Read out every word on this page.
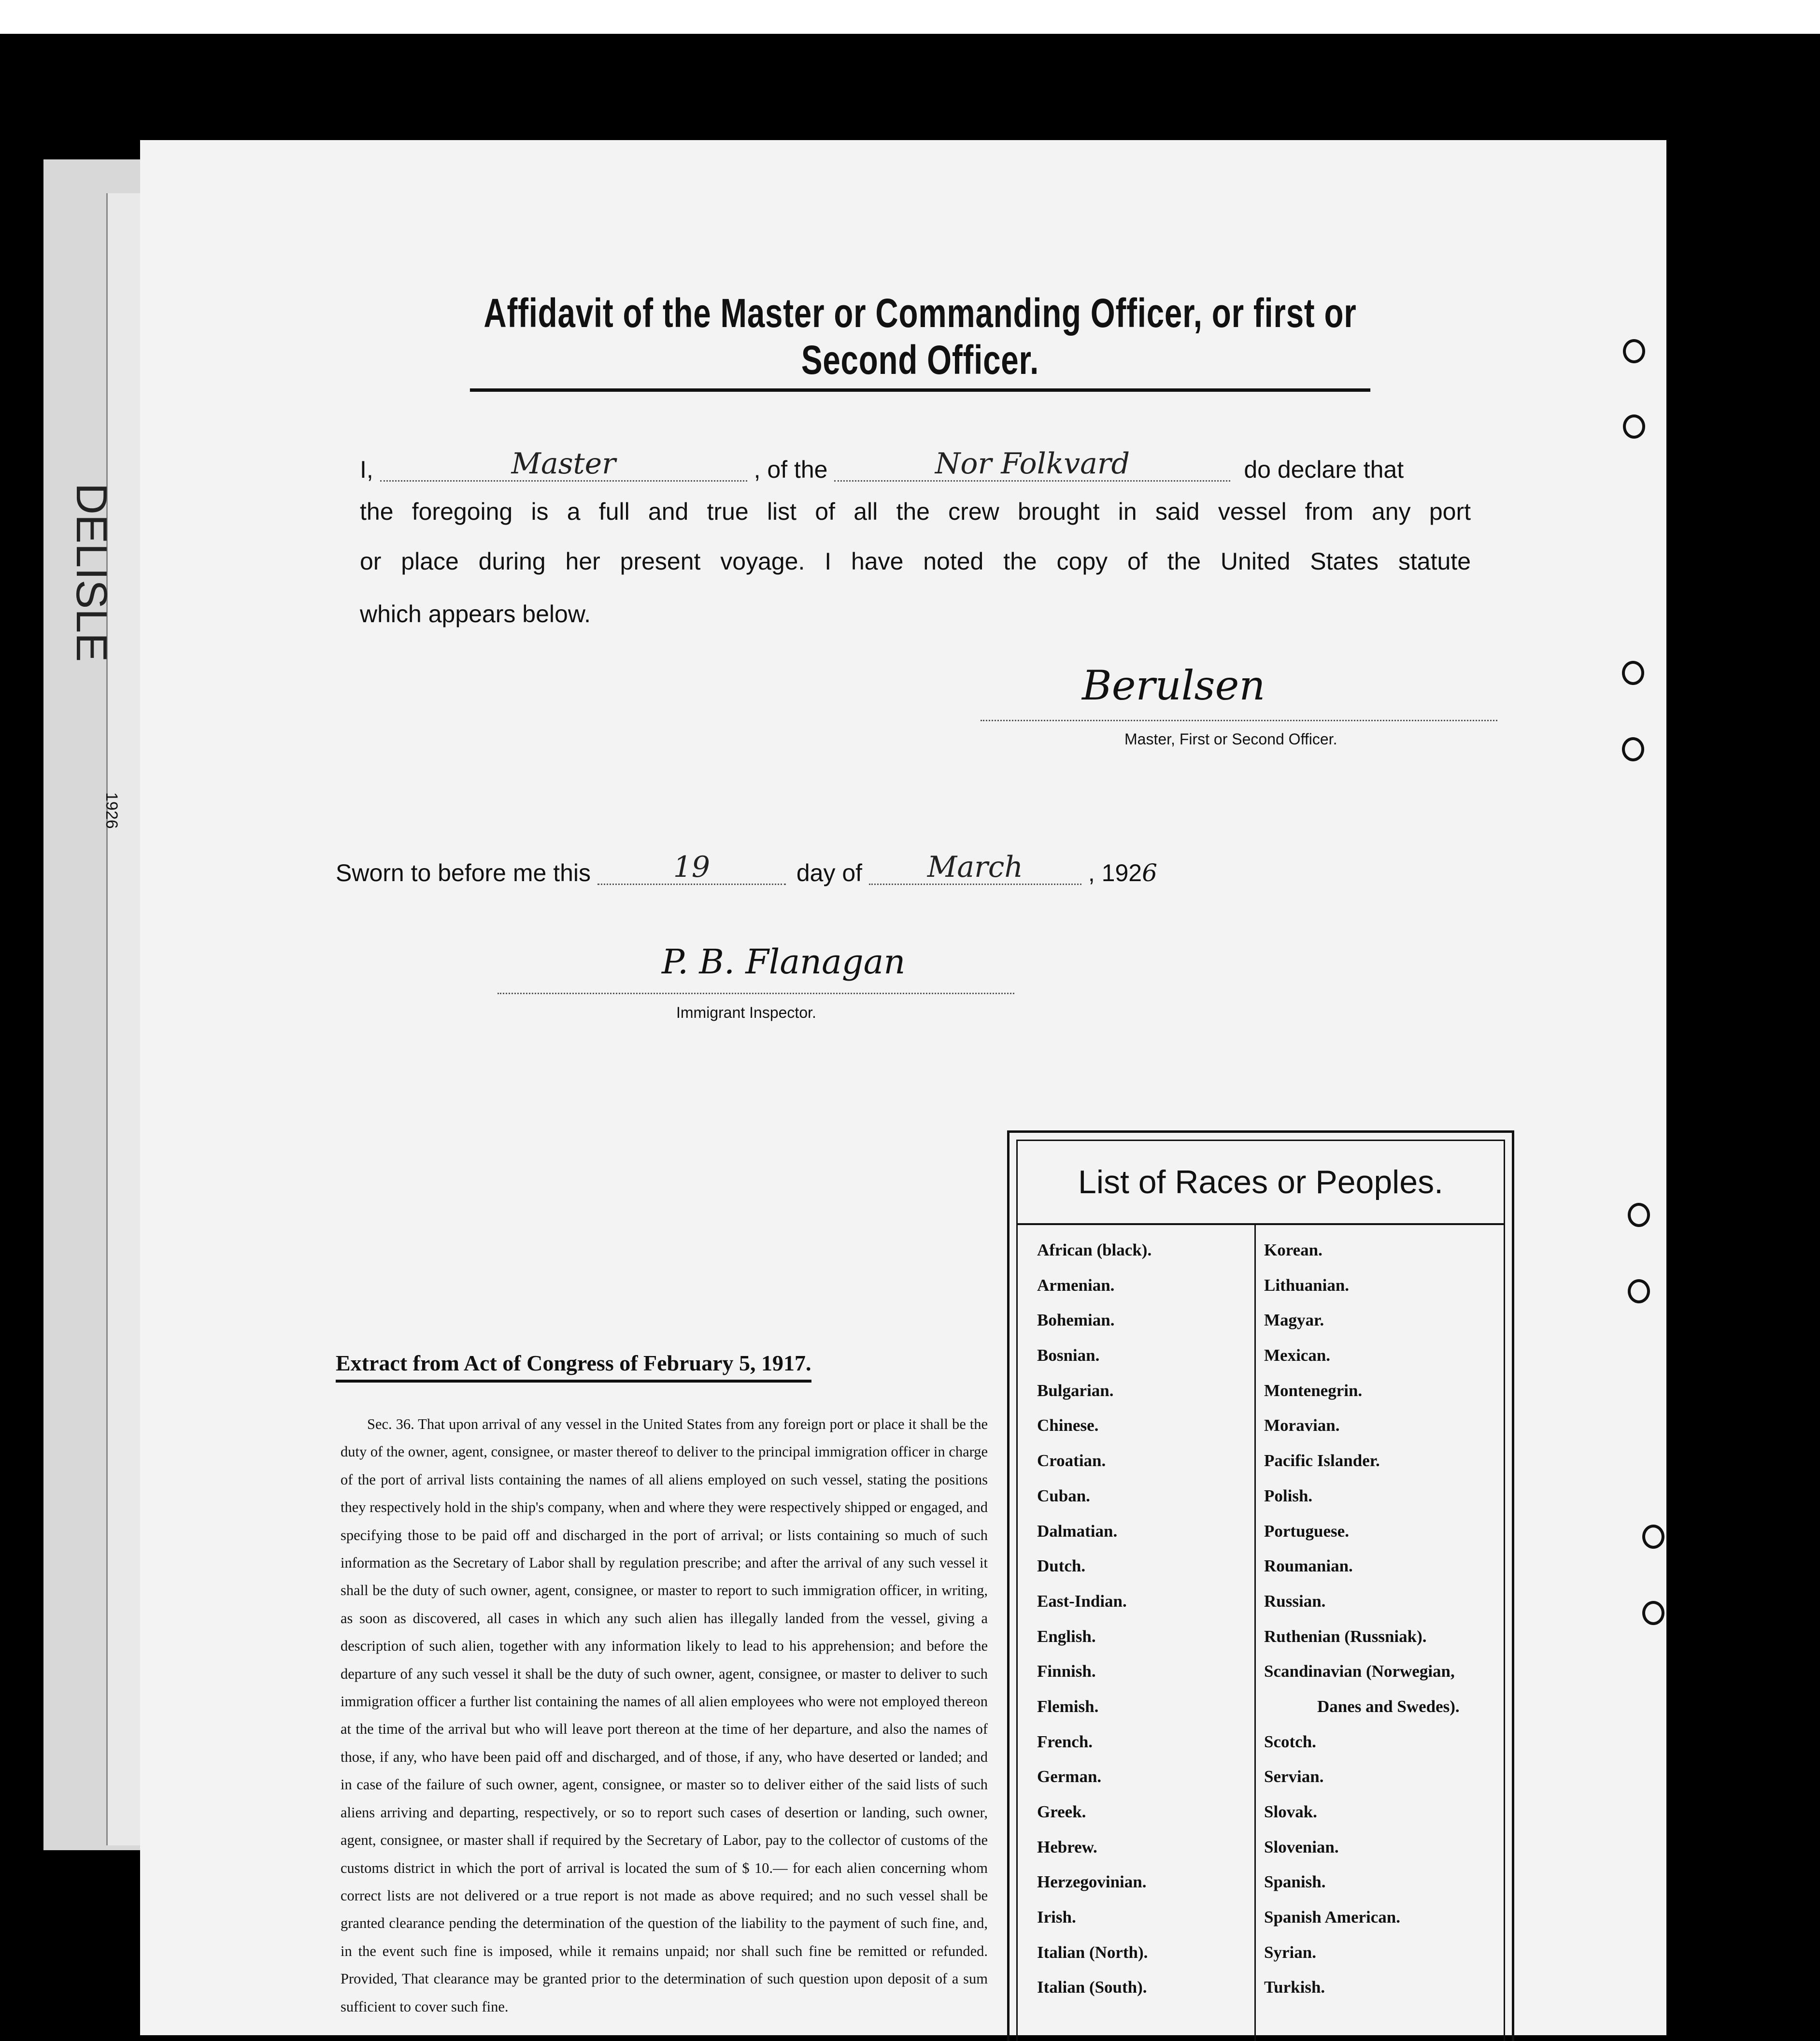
1926
Affidavit of the Master or Commanding Officer, or first or Second Officer.
I,	Master	, of the	Nor Folkvard	do declare that
the foregoing is a full and true list of all the crew brought in said vessel from any port
or place during her present voyage. I have noted the copy of the United States statute
which appears below.
Berulsen
Master, First or Second Officer.
Sworn to before me this	19	day of March	, 1926
P. B. Flanagan
Immigrant Inspector.
Extract from Act of Congress of February 5, 1917.
Sec. 36. That upon arrival of any vessel in the United States from any foreign port or place it shall be the duty of the owner, agent, consignee, or master thereof to deliver to the principal immigration officer in charge of the port of arrival lists containing the names of all aliens employed on such vessel, stating the positions they respectively hold in the ship's company, when and where they were respectively shipped or engaged, and specifying those to be paid off and discharged in the port of arrival; or lists containing so much of such information as the Secretary of Labor shall by regulation prescribe; and after the arrival of any such vessel it shall be the duty of such owner, agent, consignee, or master to report to such immigration officer, in writing, as soon as discovered, all cases in which any such alien has illegally landed from the vessel, giving a description of such alien, together with any information likely to lead to his apprehension; and before the departure of any such vessel it shall be the duty of such owner, agent, consignee, or master to deliver to such immigration officer a further list containing the names of all alien employees who were not employed thereon at the time of the arrival but who will leave port thereon at the time of her departure, and also the names of those, if any, who have been paid off and discharged, and of those, if any, who have deserted or landed; and in case of the failure of such owner, agent, consignee, or master so to deliver either of the said lists of such aliens arriving and departing, respectively, or so to report such cases of desertion or landing, such owner, agent, consignee, or master shall if required by the Secretary of Labor, pay to the collector of customs of the customs district in which the port of arrival is located the sum of $ 10.— for each alien concerning whom correct lists are not delivered or a true report is not made as above required; and no such vessel shall be granted clearance pending the determination of the question of the liability to the payment of such fine, and, in the event such fine is imposed, while it remains unpaid; nor shall such fine be remitted or refunded. Provided, That clearance may be granted prior to the determination of such question upon deposit of a sum sufficient to cover such fine.
List of Races or Peoples.
African (black).
Armenian.
Bohemian.
Bosnian.
Bulgarian.
Chinese.
Croatian.
Cuban.
Dalmatian.
Dutch.
East-Indian.
English.
Finnish.
Flemish.
French.
German.
Greek.
Hebrew.
Herzegovinian.
Irish.
Italian (North).
Italian (South).
Korean.
Lithuanian.
Magyar.
Mexican.
Montenegrin.
Moravian.
Pacific Islander.
Polish.
Portuguese.
Roumanian.
Russian.
Ruthenian (Russniak).
Scandinavian (Norwegian,
Danes and Swedes).
Scotch.
Servian.
Slovak.
Slovenian.
Spanish.
Spanish American.
Syrian.
Turkish.
